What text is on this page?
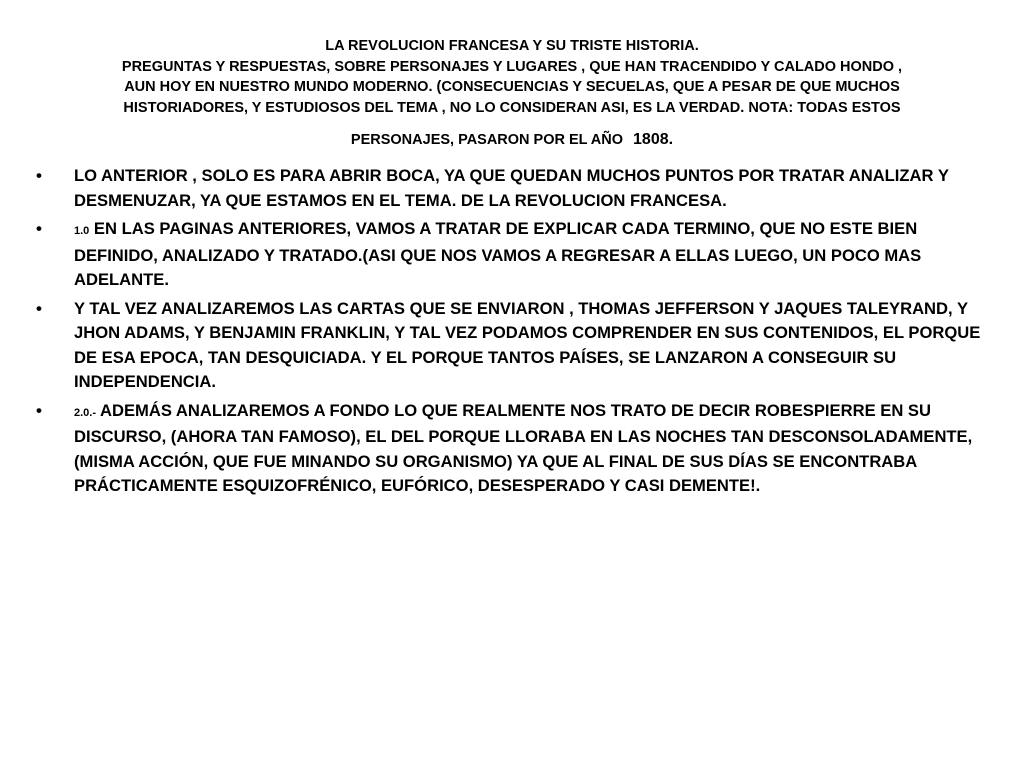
LA REVOLUCION FRANCESA Y SU TRISTE HISTORIA.
PREGUNTAS Y RESPUESTAS, SOBRE PERSONAJES Y LUGARES , QUE HAN TRACENDIDO Y CALADO HONDO ,
AUN HOY EN NUESTRO MUNDO MODERNO. (CONSECUENCIAS Y SECUELAS, QUE A PESAR DE QUE MUCHOS
HISTORIADORES, Y ESTUDIOSOS DEL TEMA , NO LO CONSIDERAN ASI, ES LA VERDAD. NOTA: TODAS ESTOS
PERSONAJES, PASARON POR EL AÑO 1808.
• LO ANTERIOR , SOLO ES PARA ABRIR BOCA, YA QUE QUEDAN MUCHOS PUNTOS POR TRATAR ANALIZAR Y DESMENUZAR, YA QUE ESTAMOS EN EL TEMA. DE LA REVOLUCION FRANCESA.
•	1.0 EN LAS PAGINAS ANTERIORES, VAMOS A TRATAR DE EXPLICAR CADA TERMINO, QUE NO ESTE BIEN DEFINIDO, ANALIZADO Y TRATADO.(ASI QUE NOS VAMOS A REGRESAR A ELLAS LUEGO, UN POCO MAS ADELANTE.
• Y TAL VEZ ANALIZAREMOS LAS CARTAS QUE SE ENVIARON , THOMAS JEFFERSON Y JAQUES TALEYRAND, Y JHON ADAMS, Y BENJAMIN FRANKLIN, Y TAL VEZ PODAMOS COMPRENDER EN SUS CONTENIDOS, EL PORQUE DE ESA EPOCA, TAN DESQUICIADA. Y EL PORQUE TANTOS PAÍSES, SE LANZARON A CONSEGUIR SU INDEPENDENCIA.
•	2.0.- ADEMÁS ANALIZAREMOS A FONDO LO QUE REALMENTE NOS TRATO DE DECIR ROBESPIERRE EN SU DISCURSO, (AHORA TAN FAMOSO), EL DEL PORQUE LLORABA EN LAS NOCHES TAN DESCONSOLADAMENTE, (MISMA ACCIÓN, QUE FUE MINANDO SU ORGANISMO) YA QUE AL FINAL DE SUS DÍAS SE ENCONTRABA PRÁCTICAMENTE ESQUIZOFRÉNICO, EUFÓRICO, DESESPERADO Y CASI DEMENTE!.
